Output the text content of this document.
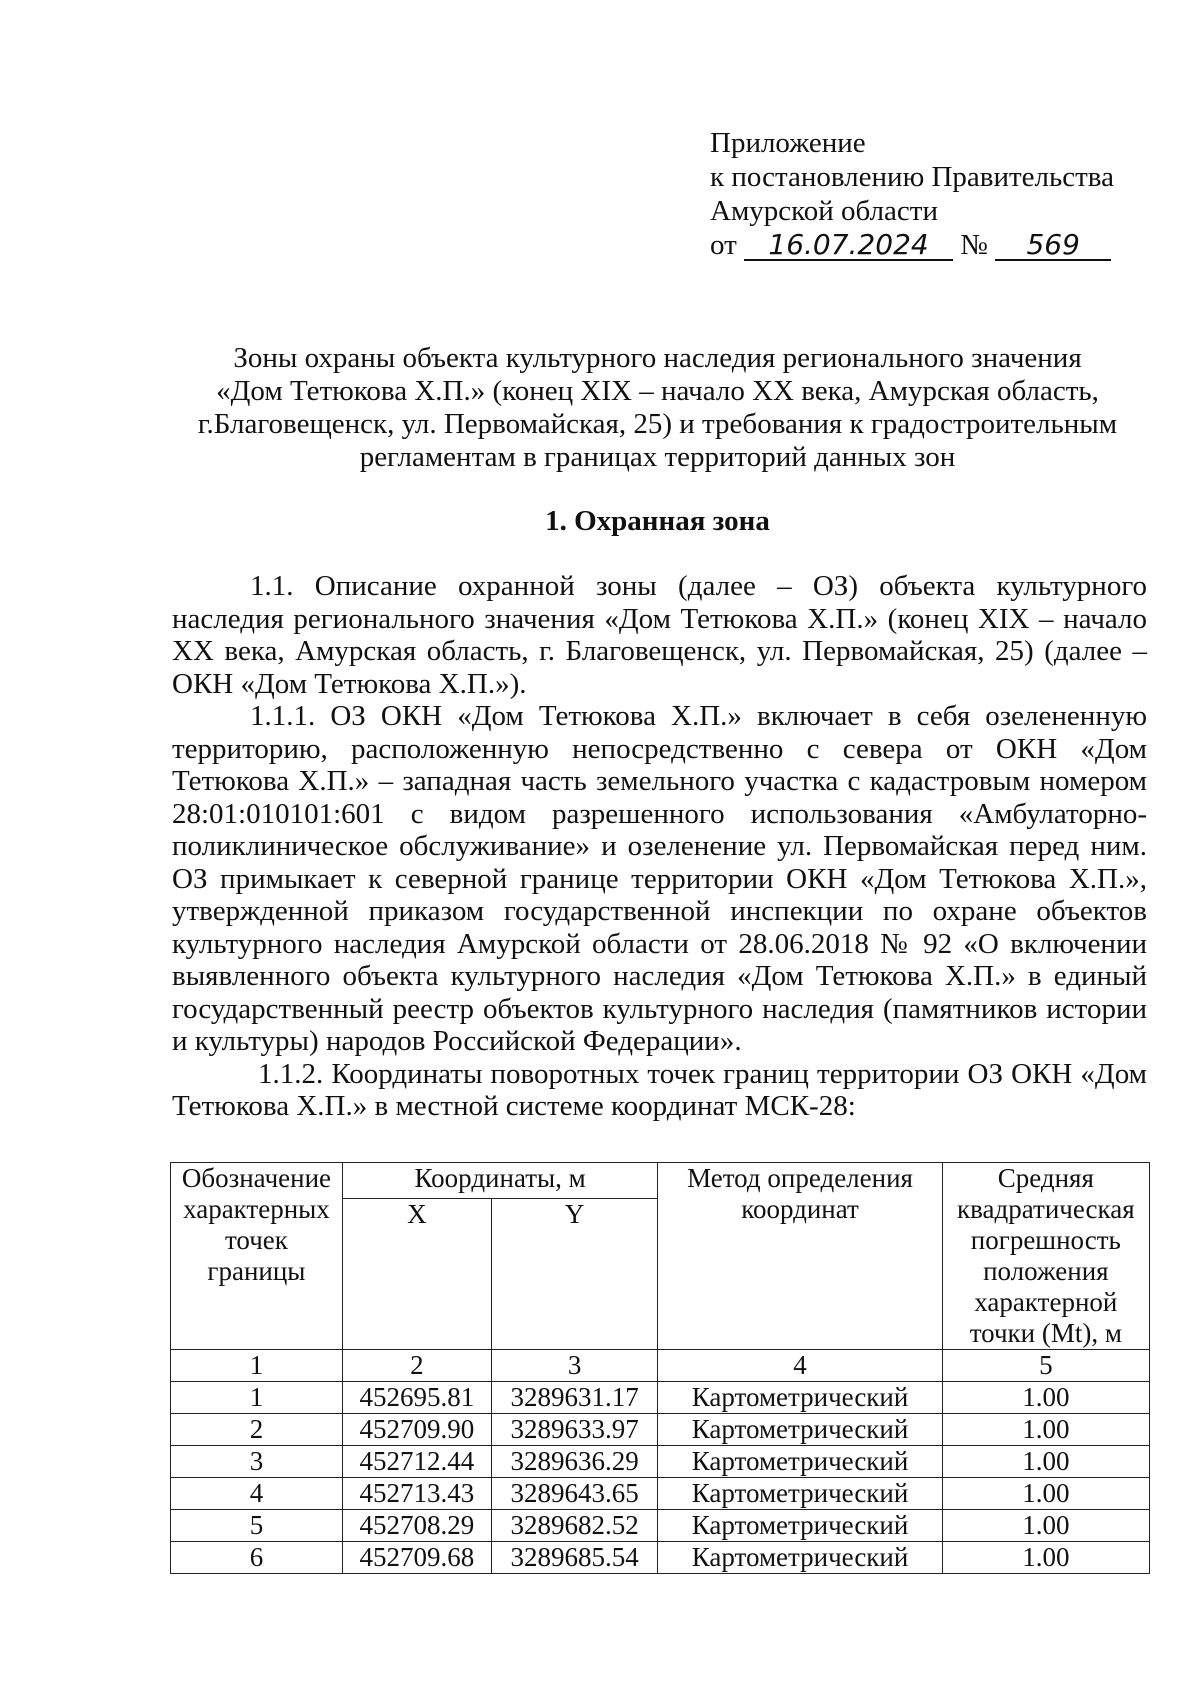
Приложение
к постановлению Правительства
Амурской области
от 16.07.2024 № 569
Зоны охраны объекта культурного наследия регионального значения
«Дом Тетюкова Х.П.» (конец XIX – начало XX века, Амурская область,
г.Благовещенск, ул. Первомайская, 25) и требования к градостроительным
регламентам в границах территорий данных зон
1. Охранная зона

1.1. Описание охранной зоны (далее – ОЗ) объекта культурного наследия регионального значения «Дом Тетюкова Х.П.» (конец XIX – начало XX века, Амурская область, г. Благовещенск, ул. Первомайская, 25) (далее – ОКН «Дом Тетюкова Х.П.»).

1.1.1. ОЗ ОКН «Дом Тетюкова Х.П.» включает в себя озелененную территорию, расположенную непосредственно с севера от ОКН «Дом Тетюкова Х.П.» – западная часть земельного участка с кадастровым номером 28:01:010101:601 с видом разрешенного использования «Амбулаторно-поликлиническое обслуживание» и озеленение ул. Первомайская перед ним. ОЗ примыкает к северной границе территории ОКН «Дом Тетюкова Х.П.», утвержденной приказом государственной инспекции по охране объектов культурного наследия Амурской области от 28.06.2018 № 92 «О включении выявленного объекта культурного наследия «Дом Тетюкова Х.П.» в единый государственный реестр объектов культурного наследия (памятников истории и культуры) народов Российской Федерации».

1.1.2. Координаты поворотных точек границ территории ОЗ ОКН «Дом Тетюкова Х.П.» в местной системе координат МСК-28:

Обозначение характерных точек границы	Координаты, м		Метод определения координат	Средняя квадратическая погрешность положения характерной точки (Mt), м
	X	Y		
1	2	3	4	5
1	452695.81	3289631.17	Картометрический	1.00
2	452709.90	3289633.97	Картометрический	1.00
3	452712.44	3289636.29	Картометрический	1.00
4	452713.43	3289643.65	Картометрический	1.00
5	452708.29	3289682.52	Картометрический	1.00
6	452709.68	3289685.54	Картометрический	1.00
